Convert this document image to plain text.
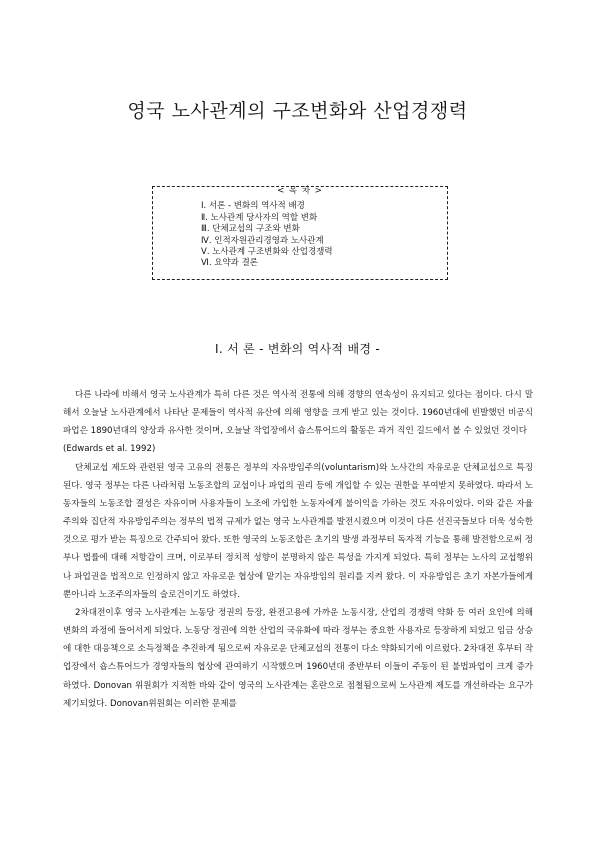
영국 노사관계의 구조변화와 산업경쟁력
< 목 차 >
Ⅰ. 서론 - 변화의 역사적 배경
Ⅱ. 노사관계 당사자의 역할 변화
Ⅲ. 단체교섭의 구조와 변화
Ⅳ. 인적자원관리경영과 노사관계
Ⅴ. 노사관계 구조변화와 산업경쟁력
Ⅵ. 요약과 결론
Ⅰ. 서 론 - 변화의 역사적 배경 -

다른 나라에 비해서 영국 노사관계가 특히 다른 것은 역사적 전통에 의해 경향의 연속성이 유지되고 있다는 점이다. 다시 말해서 오늘날 노사관계에서 나타난 문제들이 역사적 유산에 의해 영향을 크게 받고 있는 것이다. 1960년대에 빈발했던 비공식 파업은 1890년대의 양상과 유사한 것이며, 오늘날 작업장에서 숍스튜어드의 활동은 과거 직인 길드에서 볼 수 있었던 것이다

(Edwards et al. 1992)

단체교섭 제도와 관련된 영국 고유의 전통은 정부의 자유방임주의(voluntarism)와 노사간의 자유로운 단체교섭으로 특징 된다. 영국 정부는 다른 나라처럼 노동조합의 교섭이나 파업의 권리 등에 개입할 수 있는 권한을 부여받지 못하였다. 따라서 노동자들의 노동조합 결성은 자유이며 사용자들이 노조에 가입한 노동자에게 불이익을 가하는 것도 자유이었다. 이와 같은 자율주의와 집단적 자유방임주의는 정부의 법적 규제가 없는 영국 노사관계를 발전시켰으며 이것이 다른 선진국들보다 더욱 성숙한 것으로 평가 받는 특징으로 간주되어 왔다. 또한 영국의 노동조합은 초기의 발생 과정부터 독자적 기능을 통해 발전함으로써 정부나 법률에 대해 저항감이 크며, 이로부터 정치적 성향이 분명하지 않은 특성을 가지게 되었다. 특히 정부는 노사의 교섭행위나 파업권을 법적으로 인정하지 않고 자유로운 협상에 맡기는 자유방임의 원리를 지켜 왔다. 이 자유방임은 초기 자본가들에게 뿐아니라 노조주의자들의 슬로건이기도 하였다.

2차대전이후 영국 노사관계는 노동당 정권의 등장, 완전고용에 가까운 노동시장, 산업의 경쟁력 약화 등 여러 요인에 의해 변화의 과정에 들어서게 되었다. 노동당 정권에 의한 산업의 국유화에 따라 정부는 중요한 사용자로 등장하게 되었고 임금 상승에 대한 대응책으로 소득정책을 추진하게 됨으로써 자유로운 단체교섭의 전통이 다소 약화되기에 이르렀다. 2차대전 후부터 작업장에서 숍스튜어드가 경영자들의 협상에 관여하기 시작했으며 1960년대 중반부터 이들이 주동이 된 불법파업이 크게 증가하였다. Donovan 위원회가 지적한 바와 같이 영국의 노사관계는 혼란으로 점철됨으로써 노사관계 제도를 개선하라는 요구가 제기되었다. Donovan위원회는 이러한 문제를
